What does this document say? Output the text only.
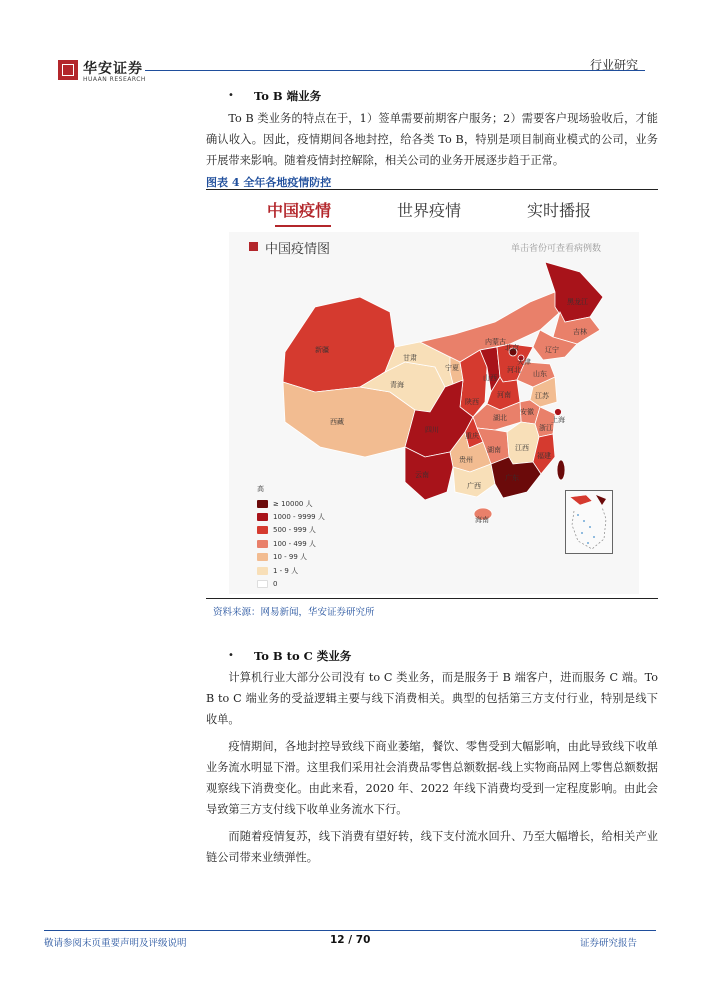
华安证券
HUAAN RESEARCH
行业研究
• To B 端业务

To B 类业务的特点在于，1）签单需要前期客户服务；2）需要客户现场验收后，才能确认收入。因此，疫情期间各地封控，给各类 To B，特别是项目制商业模式的公司，业务开展带来影响。随着疫情封控解除，相关公司的业务开展逐步趋于正常。

图表 4 全年各地疫情防控
中国疫情	世界疫情	实时播报
中国疫情图	单击省份可查看病例数
黑龙江
吉林
辽宁
内蒙古
北京
天津
河北
山西	山东
新疆
甘肃
宁夏
陕西
青海
河南	江苏
安徽
上海
西藏
四川
重庆
湖北
浙江
湖南 江西
福建
贵州
云南
广西
广东
海南
高
≥ 10000 人
1000 - 9999 人
500 - 999 人
100 - 499 人
10 - 99 人
1 - 9 人
0
资料来源：网易新闻，华安证券研究所
• To B to C 类业务

计算机行业大部分公司没有 to C 类业务，而是服务于 B 端客户，进而服务 C 端。To B to C 端业务的受益逻辑主要与线下消费相关。典型的包括第三方支付行业，特别是线下收单。

疫情期间，各地封控导致线下商业萎缩，餐饮、零售受到大幅影响，由此导致线下收单业务流水明显下滑。这里我们采用社会消费品零售总额数据-线上实物商品网上零售总额数据观察线下消费变化。由此来看，2020 年、2022 年线下消费均受到一定程度影响。由此会导致第三方支付线下收单业务流水下行。

而随着疫情复苏，线下消费有望好转，线下支付流水回升、乃至大幅增长，给相关产业链公司带来业绩弹性。

敬请参阅末页重要声明及评级说明	12 / 70	证券研究报告
